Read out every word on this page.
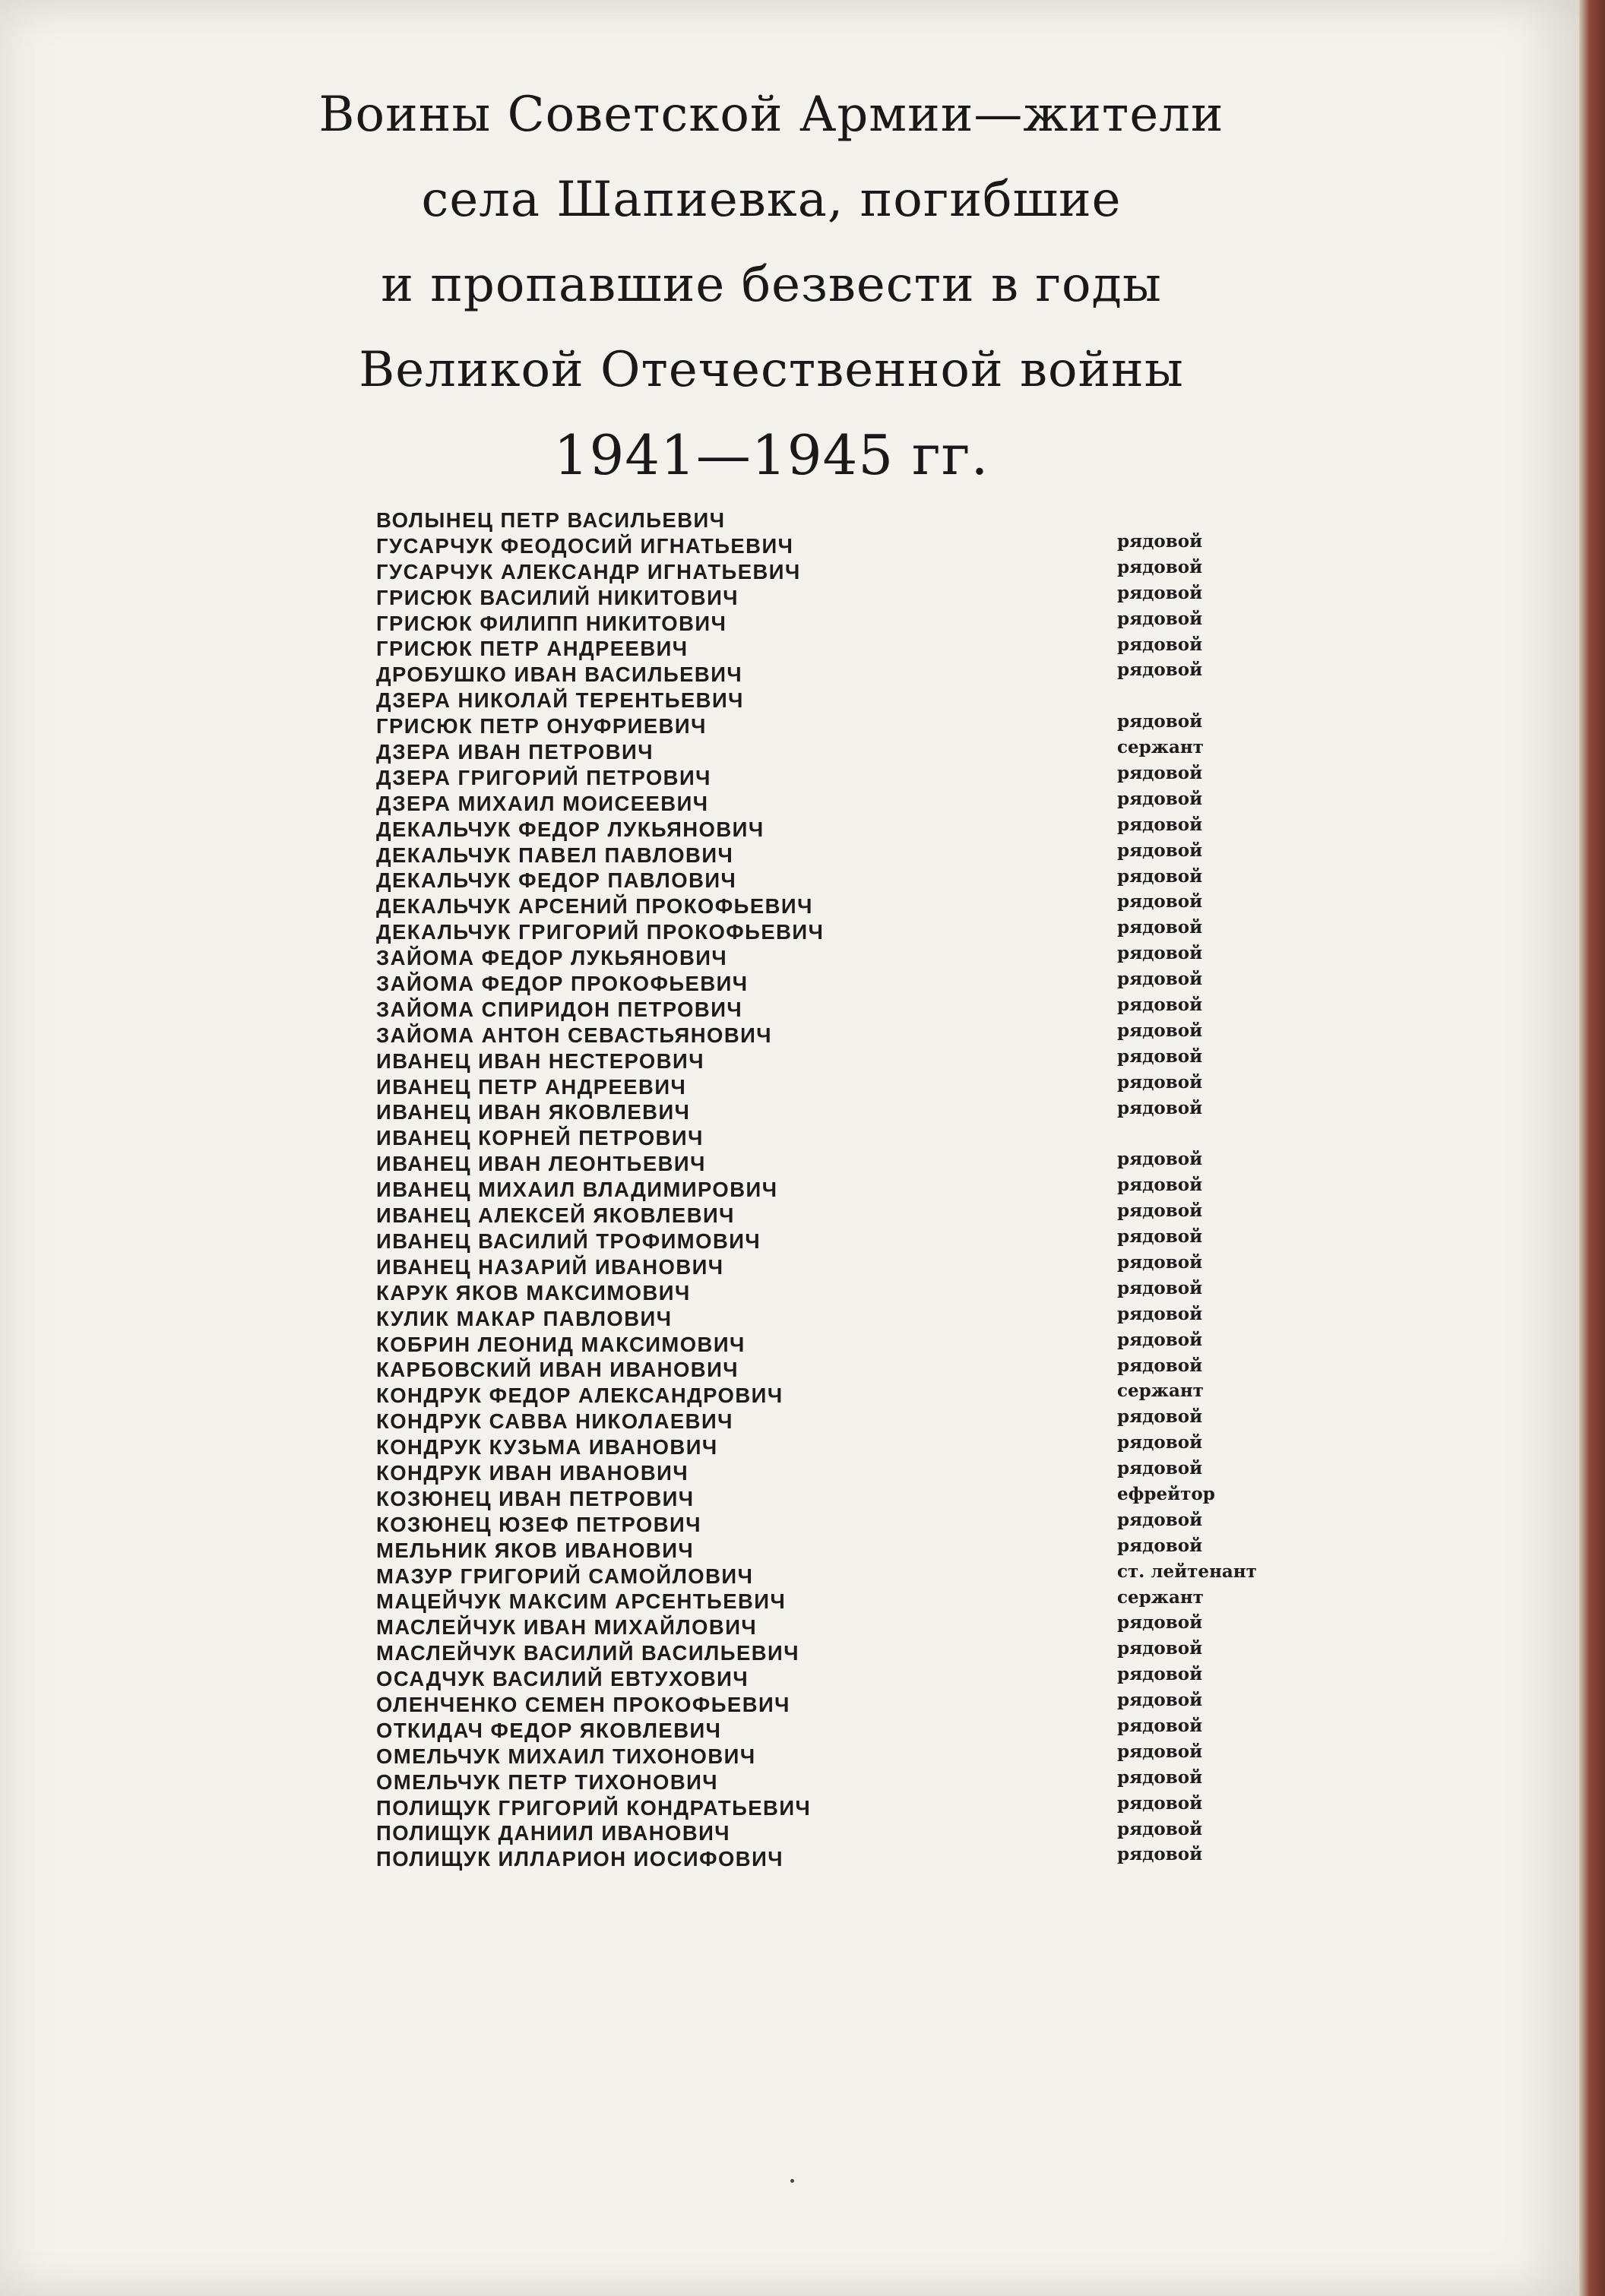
Воины Советской Армии—жители
села Шапиевка, погибшие
и пропавшие безвести в годы
Великой Отечественной войны
1941—1945 гг.
ВОЛЫНЕЦ ПЕТР ВАСИЛЬЕВИЧ
рядовой
ГУСАРЧУК ФЕОДОСИЙ ИГНАТЬЕВИЧ
рядовой
ГУСАРЧУК АЛЕКСАНДР ИГНАТЬЕВИЧ
рядовой
ГРИСЮК ВАСИЛИЙ НИКИТОВИЧ
рядовой
ГРИСЮК ФИЛИПП НИКИТОВИЧ
рядовой
ГРИСЮК ПЕТР АНДРЕЕВИЧ
рядовой
ДРОБУШКО ИВАН ВАСИЛЬЕВИЧ
ДЗЕРА НИКОЛАЙ ТЕРЕНТЬЕВИЧ
рядовой
ГРИСЮК ПЕТР ОНУФРИЕВИЧ
сержант
ДЗЕРА ИВАН ПЕТРОВИЧ
рядовой
ДЗЕРА ГРИГОРИЙ ПЕТРОВИЧ
рядовой
ДЗЕРА МИХАИЛ МОИСЕЕВИЧ
рядовой
ДЕКАЛЬЧУК ФЕДОР ЛУКЬЯНОВИЧ
рядовой
ДЕКАЛЬЧУК ПАВЕЛ ПАВЛОВИЧ
рядовой
ДЕКАЛЬЧУК ФЕДОР ПАВЛОВИЧ
рядовой
ДЕКАЛЬЧУК АРСЕНИЙ ПРОКОФЬЕВИЧ
рядовой
ДЕКАЛЬЧУК ГРИГОРИЙ ПРОКОФЬЕВИЧ
рядовой
ЗАЙОМА ФЕДОР ЛУКЬЯНОВИЧ
рядовой
ЗАЙОМА ФЕДОР ПРОКОФЬЕВИЧ
рядовой
ЗАЙОМА СПИРИДОН ПЕТРОВИЧ
рядовой
ЗАЙОМА АНТОН СЕВАСТЬЯНОВИЧ
рядовой
ИВАНЕЦ ИВАН НЕСТЕРОВИЧ
рядовой
ИВАНЕЦ ПЕТР АНДРЕЕВИЧ
рядовой
ИВАНЕЦ ИВАН ЯКОВЛЕВИЧ
ИВАНЕЦ КОРНЕЙ ПЕТРОВИЧ
рядовой
ИВАНЕЦ ИВАН ЛЕОНТЬЕВИЧ
рядовой
ИВАНЕЦ МИХАИЛ ВЛАДИМИРОВИЧ
рядовой
ИВАНЕЦ АЛЕКСЕЙ ЯКОВЛЕВИЧ
рядовой
ИВАНЕЦ ВАСИЛИЙ ТРОФИМОВИЧ
рядовой
ИВАНЕЦ НАЗАРИЙ ИВАНОВИЧ
рядовой
КАРУК ЯКОВ МАКСИМОВИЧ
рядовой
КУЛИК МАКАР ПАВЛОВИЧ
рядовой
КОБРИН ЛЕОНИД МАКСИМОВИЧ
рядовой
КАРБОВСКИЙ ИВАН ИВАНОВИЧ
сержант
КОНДРУК ФЕДОР АЛЕКСАНДРОВИЧ
рядовой
КОНДРУК САВВА НИКОЛАЕВИЧ
рядовой
КОНДРУК КУЗЬМА ИВАНОВИЧ
рядовой
КОНДРУК ИВАН ИВАНОВИЧ
ефрейтор
КОЗЮНЕЦ ИВАН ПЕТРОВИЧ
рядовой
КОЗЮНЕЦ ЮЗЕФ ПЕТРОВИЧ
рядовой
МЕЛЬНИК ЯКОВ ИВАНОВИЧ
ст. лейтенант
МАЗУР ГРИГОРИЙ САМОЙЛОВИЧ
сержант
МАЦЕЙЧУК МАКСИМ АРСЕНТЬЕВИЧ
рядовой
МАСЛЕЙЧУК ИВАН МИХАЙЛОВИЧ
рядовой
МАСЛЕЙЧУК ВАСИЛИЙ ВАСИЛЬЕВИЧ
рядовой
ОСАДЧУК ВАСИЛИЙ ЕВТУХОВИЧ
рядовой
ОЛЕНЧЕНКО СЕМЕН ПРОКОФЬЕВИЧ
рядовой
ОТКИДАЧ ФЕДОР ЯКОВЛЕВИЧ
рядовой
ОМЕЛЬЧУК МИХАИЛ ТИХОНОВИЧ
рядовой
ОМЕЛЬЧУК ПЕТР ТИХОНОВИЧ
рядовой
ПОЛИЩУК ГРИГОРИЙ КОНДРАТЬЕВИЧ
рядовой
ПОЛИЩУК ДАНИИЛ ИВАНОВИЧ
рядовой
ПОЛИЩУК ИЛЛАРИОН ИОСИФОВИЧ
